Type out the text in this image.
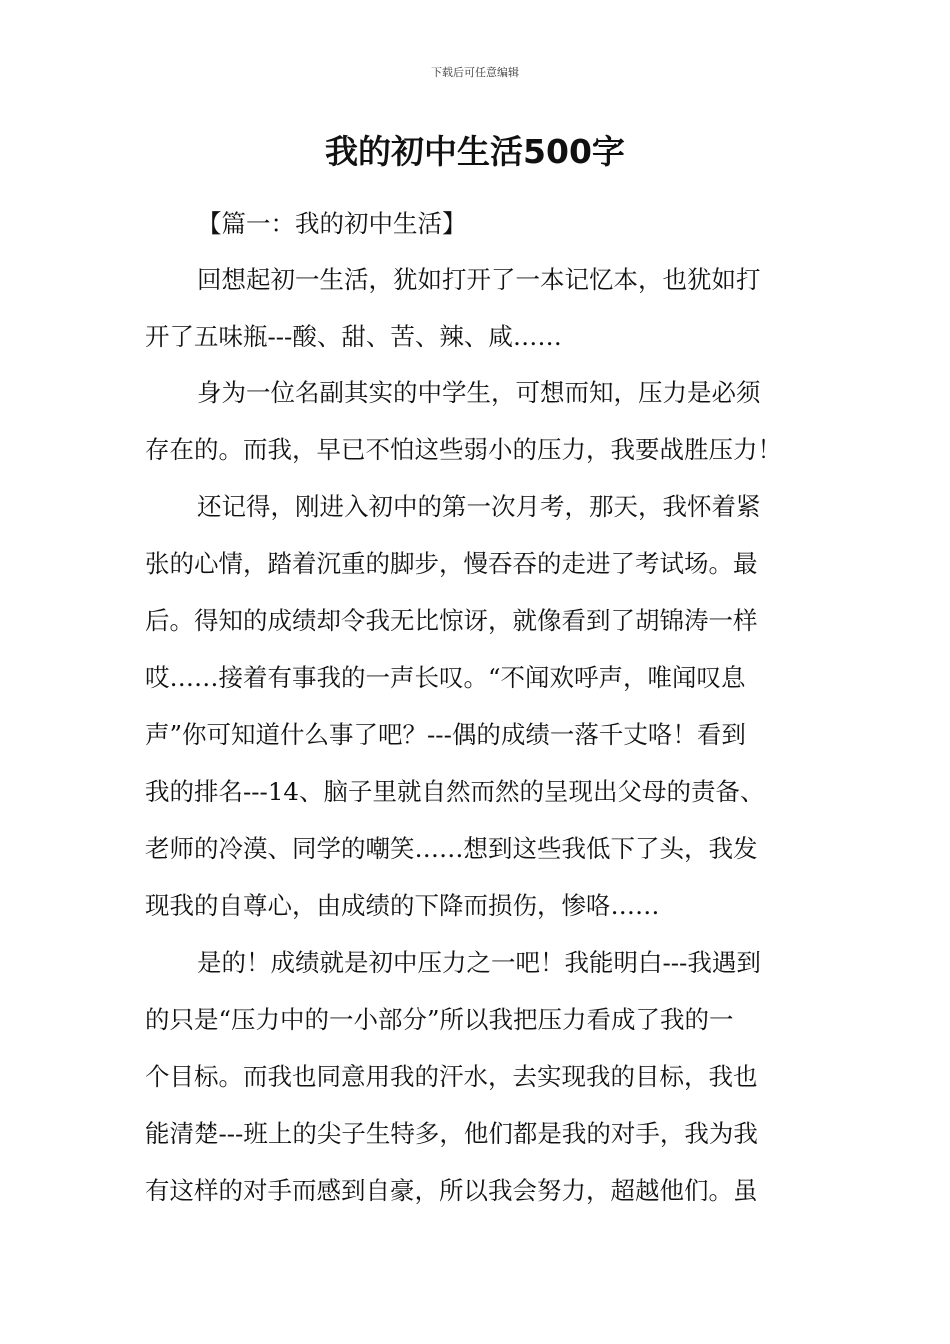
下载后可任意编辑
我的初中生活500字
【篇一：我的初中生活】
回想起初一生活，犹如打开了一本记忆本，也犹如打
开了五味瓶---酸、甜、苦、辣、咸……
身为一位名副其实的中学生，可想而知，压力是必须
存在的。而我，早已不怕这些弱小的压力，我要战胜压力！
还记得，刚进入初中的第一次月考，那天，我怀着紧
张的心情，踏着沉重的脚步，慢吞吞的走进了考试场。最
后。得知的成绩却令我无比惊讶，就像看到了胡锦涛一样
哎……接着有事我的一声长叹。“不闻欢呼声，唯闻叹息
声”你可知道什么事了吧？---偶的成绩一落千丈咯！看到
我的排名---14、脑子里就自然而然的呈现出父母的责备、
老师的冷漠、同学的嘲笑……想到这些我低下了头，我发
现我的自尊心，由成绩的下降而损伤，惨咯……
是的！成绩就是初中压力之一吧！我能明白---我遇到
的只是“压力中的一小部分”所以我把压力看成了我的一
个目标。而我也同意用我的汗水，去实现我的目标，我也
能清楚---班上的尖子生特多，他们都是我的对手，我为我
有这样的对手而感到自豪，所以我会努力，超越他们。虽
